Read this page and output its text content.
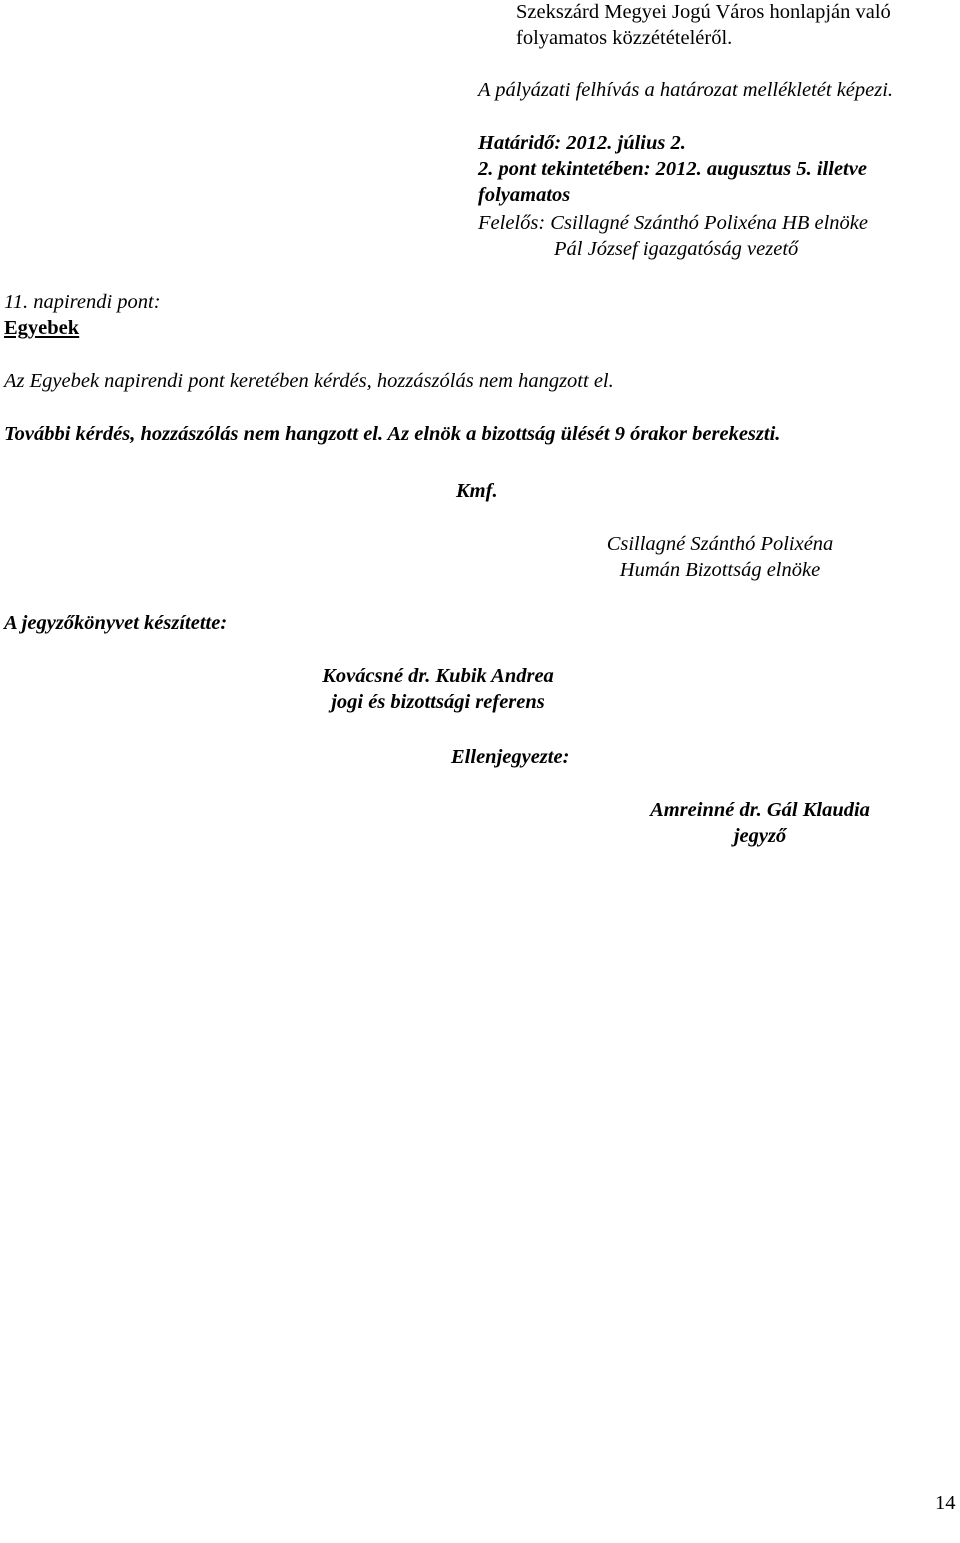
Szekszárd Megyei Jogú Város honlapján való

folyamatos közzétételéről.

A pályázati felhívás a határozat mellékletét képezi.

Határidő: 2012. július 2.

2. pont tekintetében: 2012. augusztus 5. illetve

folyamatos

Felelős: Csillagné Szánthó Polixéna HB elnöke

Pál József igazgatóság vezető

11. napirendi pont:

Egyebek

Az Egyebek napirendi pont keretében kérdés, hozzászólás nem hangzott el.

További kérdés, hozzászólás nem hangzott el. Az elnök a bizottság ülését 9 órakor berekeszti.

Kmf.

Csillagné Szánthó Polixéna

Humán Bizottság elnöke

A jegyzőkönyvet készítette:

Kovácsné dr. Kubik Andrea

jogi és bizottsági referens

Ellenjegyezte:

Amreinné dr. Gál Klaudia

jegyző

14
